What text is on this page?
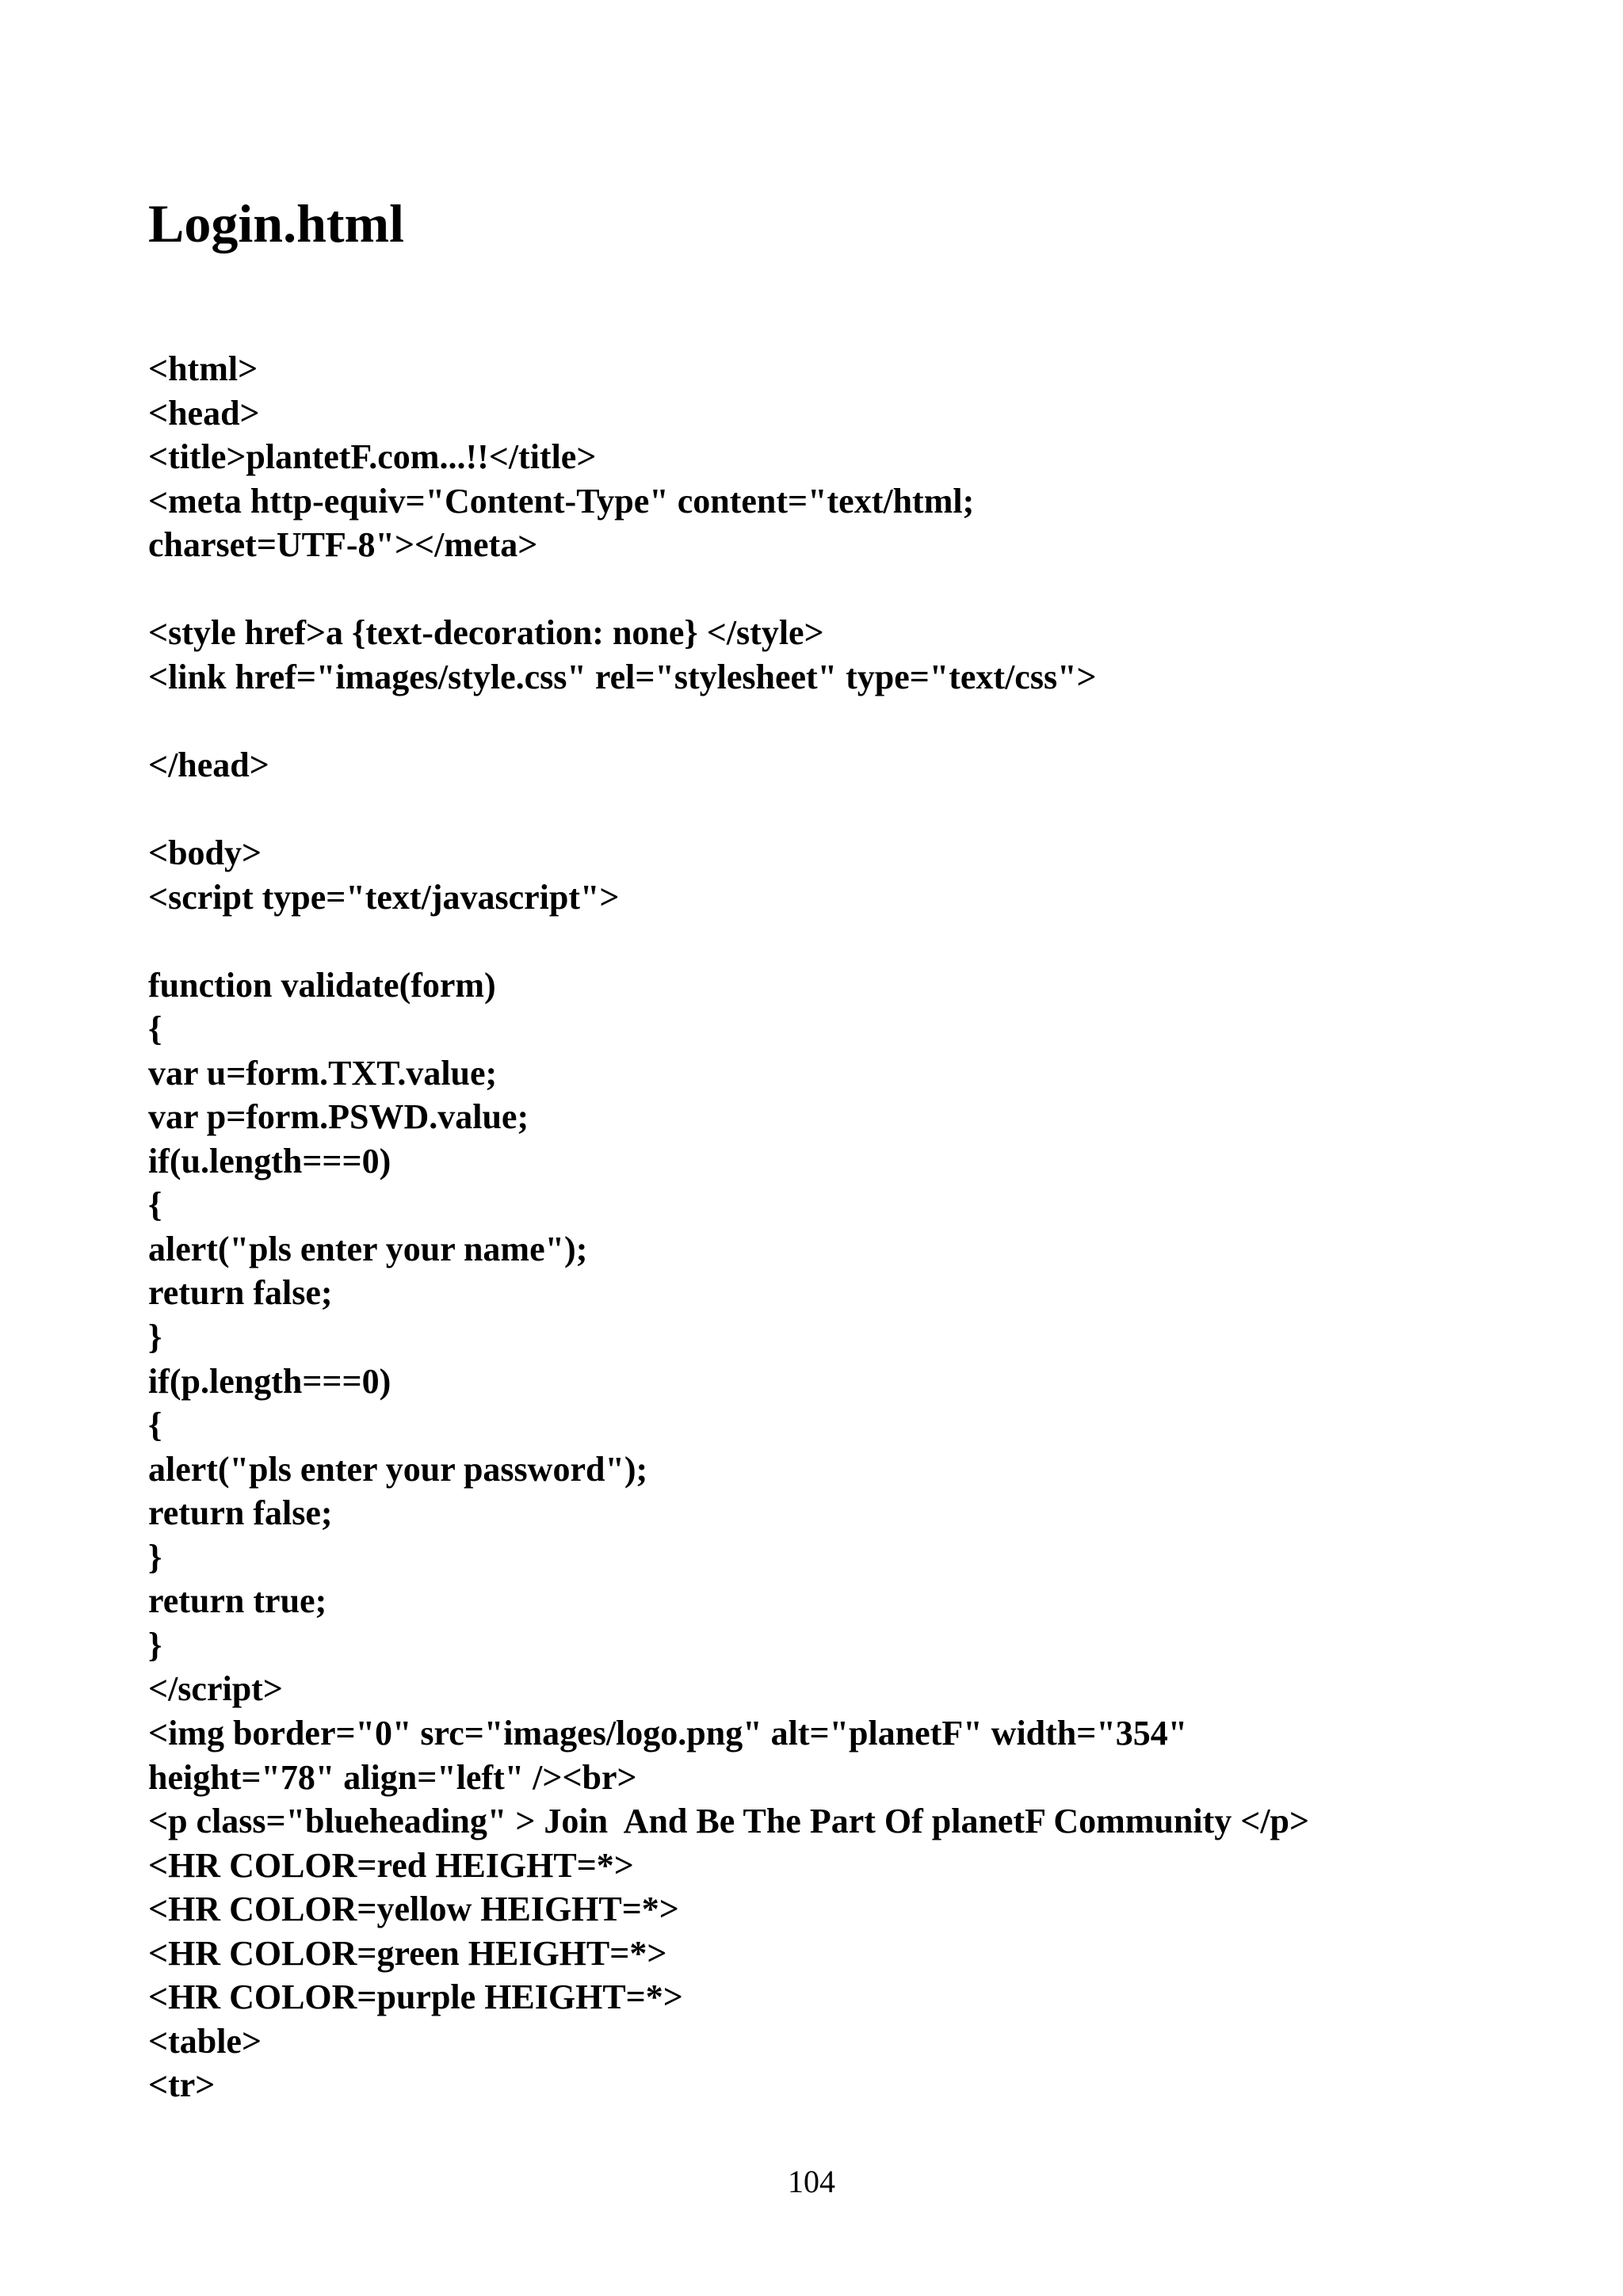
Login.html
<html>
<head>
<title>plantetF.com...!!</title>
<meta http-equiv="Content-Type" content="text/html;
charset=UTF-8"></meta>
<style href>a {text-decoration: none} </style>
<link href="images/style.css" rel="stylesheet" type="text/css">
</head>
<body>
<script type="text/javascript">
function validate(form)
{
var u=form.TXT.value;
var p=form.PSWD.value;
if(u.length===0)
{
alert("pls enter your name");
return false;
}
if(p.length===0)
{
alert("pls enter your password");
return false;
}
return true;
}
</script>
<img border="0" src="images/logo.png" alt="planetF" width="354"
height="78" align="left" /><br>
<p class="blueheading" > Join  And Be The Part Of planetF Community </p>
<HR COLOR=red HEIGHT=*>
<HR COLOR=yellow HEIGHT=*>
<HR COLOR=green HEIGHT=*>
<HR COLOR=purple HEIGHT=*>
<table>
<tr>
104
